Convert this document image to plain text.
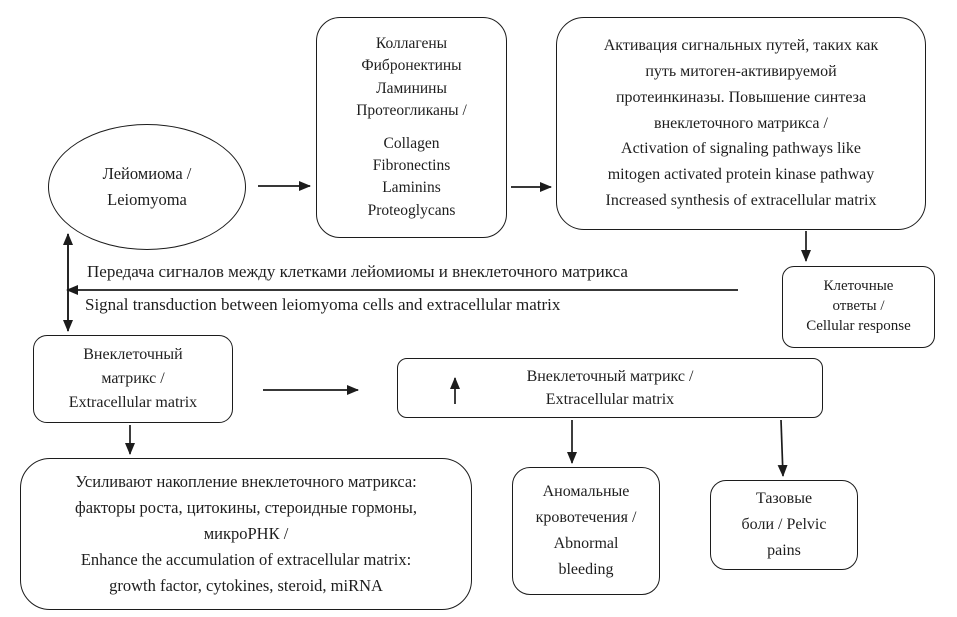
Лейомиома /
Leiomyoma
Коллагены
Фибронектины
Ламинины
Протеогликаны /
Collagen
Fibronectins
Laminins
Proteoglycans
Активация сигнальных путей, таких как
путь митоген-активируемой
протеинкиназы. Повышение синтеза
внеклеточного матрикса /
Activation of signaling pathways like
mitogen activated protein kinase pathway
Increased synthesis of extracellular matrix
Клеточные
ответы /
Cellular response
Передача сигналов между клетками лейомиомы и внеклеточного матрикса
Signal transduction between leiomyoma cells and extracellular matrix
Внеклеточный
матрикс /
Extracellular matrix
Внеклеточный матрикс /
Extracellular matrix
Усиливают накопление внеклеточного матрикса:
факторы роста, цитокины, стероидные гормоны,
микроРНК /
Enhance the accumulation of extracellular matrix:
growth factor, cytokines, steroid, miRNA
Аномальные
кровотечения /
Abnormal
bleeding
Тазовые
боли / Pelvic
pains
